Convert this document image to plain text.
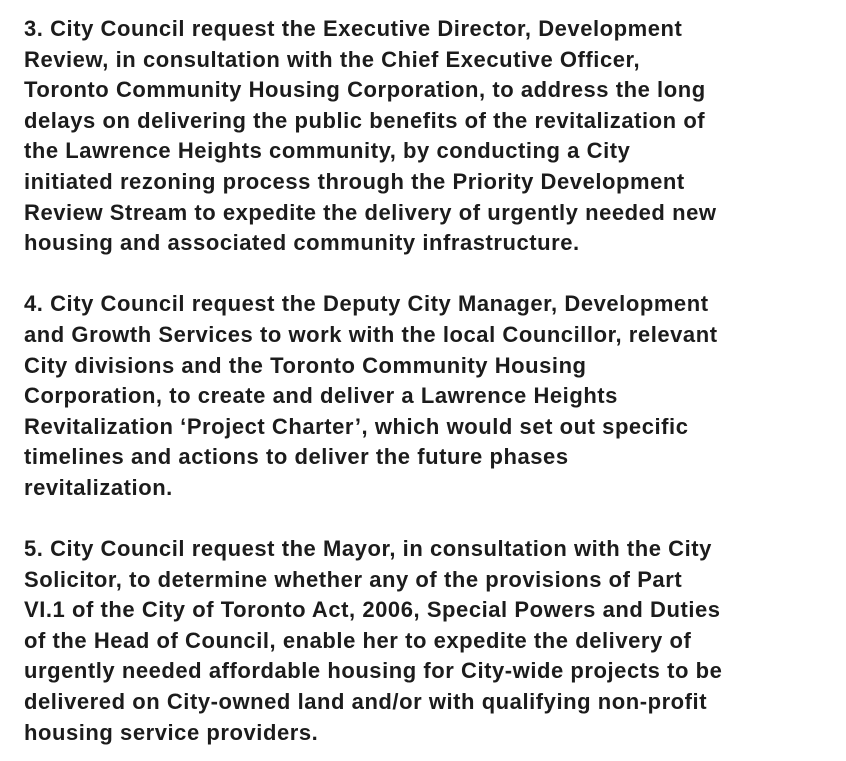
3. City Council request the Executive Director, Development
Review, in consultation with the Chief Executive Officer,
Toronto Community Housing Corporation, to address the long
delays on delivering the public benefits of the revitalization of
the Lawrence Heights community, by conducting a City
initiated rezoning process through the Priority Development
Review Stream to expedite the delivery of urgently needed new
housing and associated community infrastructure.

4. City Council request the Deputy City Manager, Development
and Growth Services to work with the local Councillor, relevant
City divisions and the Toronto Community Housing
Corporation, to create and deliver a Lawrence Heights
Revitalization ‘Project Charter’, which would set out specific
timelines and actions to deliver the future phases
revitalization.

5. City Council request the Mayor, in consultation with the City
Solicitor, to determine whether any of the provisions of Part
VI.1 of the City of Toronto Act, 2006, Special Powers and Duties
of the Head of Council, enable her to expedite the delivery of
urgently needed affordable housing for City-wide projects to be
delivered on City-owned land and/or with qualifying non-profit
housing service providers.
